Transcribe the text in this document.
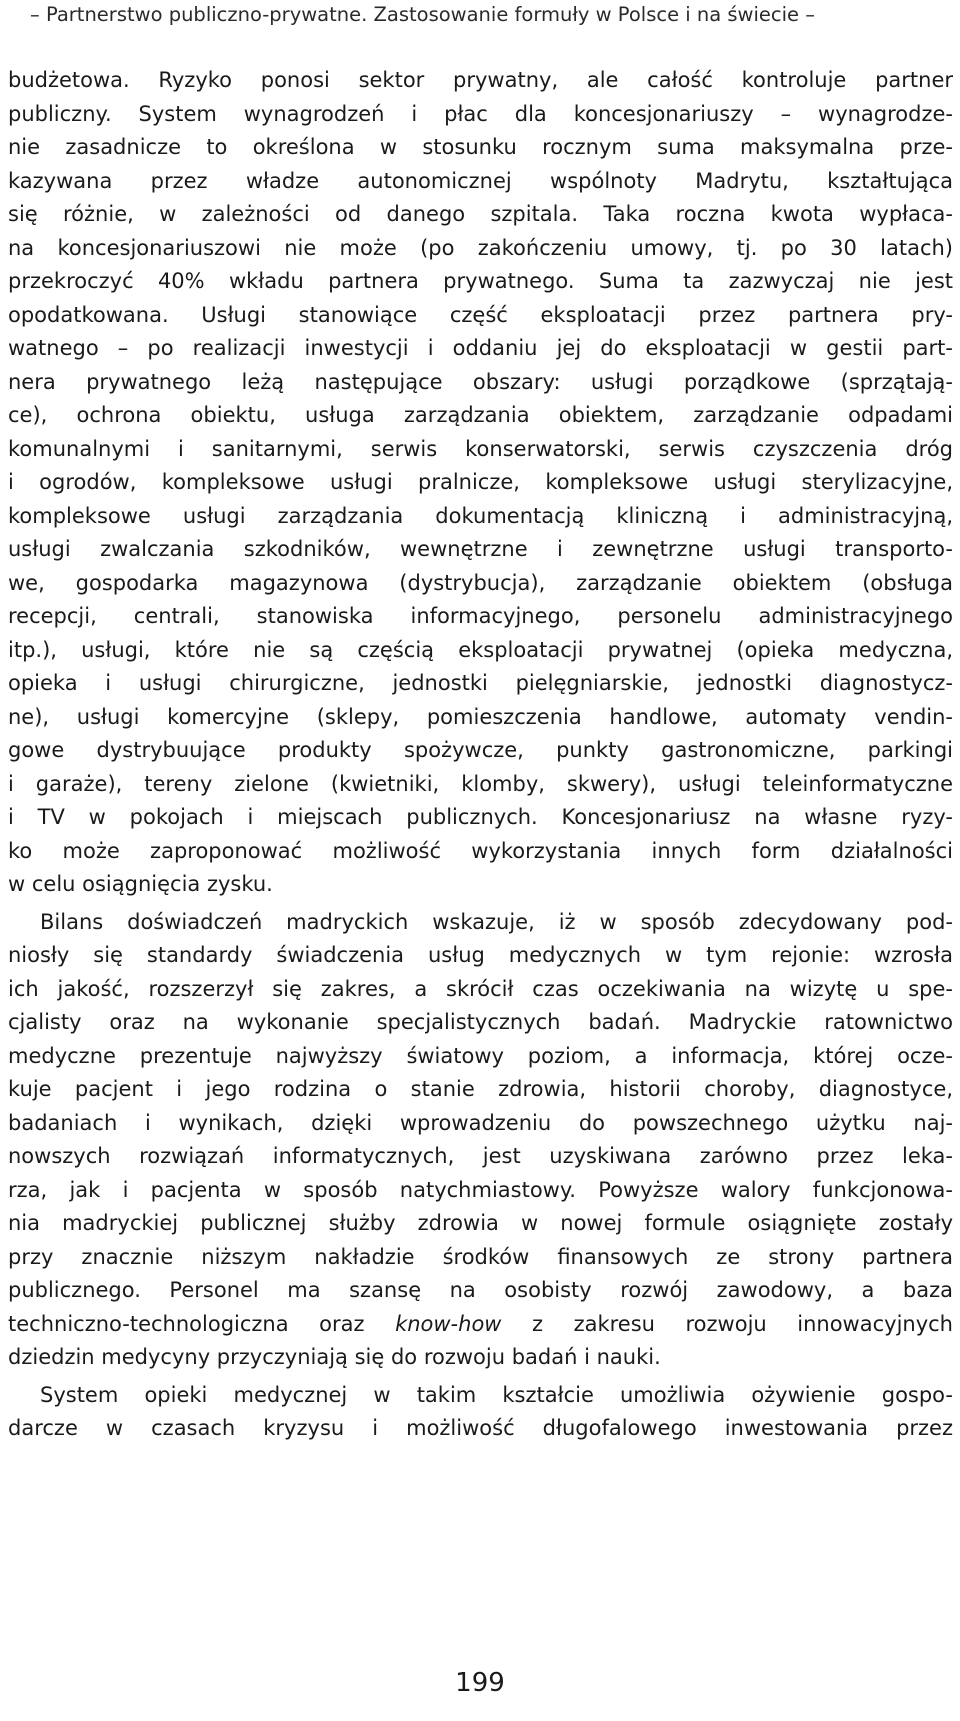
– Partnerstwo publiczno-prywatne. Zastosowanie formuły w Polsce i na świecie –
budżetowa. Ryzyko ponosi sektor prywatny, ale całość kontroluje partner
publiczny. System wynagrodzeń i płac dla koncesjonariuszy – wynagrodze-
nie zasadnicze to określona w stosunku rocznym suma maksymalna prze-
kazywana przez władze autonomicznej wspólnoty Madrytu, kształtująca
się różnie, w zależności od danego szpitala. Taka roczna kwota wypłaca-
na koncesjonariuszowi nie może (po zakończeniu umowy, tj. po 30 latach)
przekroczyć 40% wkładu partnera prywatnego. Suma ta zazwyczaj nie jest
opodatkowana. Usługi stanowiące część eksploatacji przez partnera pry-
watnego – po realizacji inwestycji i oddaniu jej do eksploatacji w gestii part-
nera prywatnego leżą następujące obszary: usługi porządkowe (sprzątają-
ce), ochrona obiektu, usługa zarządzania obiektem, zarządzanie odpadami
komunalnymi i sanitarnymi, serwis konserwatorski, serwis czyszczenia dróg
i ogrodów, kompleksowe usługi pralnicze, kompleksowe usługi sterylizacyjne,
kompleksowe usługi zarządzania dokumentacją kliniczną i administracyjną,
usługi zwalczania szkodników, wewnętrzne i zewnętrzne usługi transporto-
we, gospodarka magazynowa (dystrybucja), zarządzanie obiektem (obsługa
recepcji, centrali, stanowiska informacyjnego, personelu administracyjnego
itp.), usługi, które nie są częścią eksploatacji prywatnej (opieka medyczna,
opieka i usługi chirurgiczne, jednostki pielęgniarskie, jednostki diagnostycz-
ne), usługi komercyjne (sklepy, pomieszczenia handlowe, automaty vendin-
gowe dystrybuujące produkty spożywcze, punkty gastronomiczne, parkingi
i garaże), tereny zielone (kwietniki, klomby, skwery), usługi teleinformatyczne
i TV w pokojach i miejscach publicznych. Koncesjonariusz na własne ryzy-
ko może zaproponować możliwość wykorzystania innych form działalności
w celu osiągnięcia zysku.
Bilans doświadczeń madryckich wskazuje, iż w sposób zdecydowany pod-
niosły się standardy świadczenia usług medycznych w tym rejonie: wzrosła
ich jakość, rozszerzył się zakres, a skrócił czas oczekiwania na wizytę u spe-
cjalisty oraz na wykonanie specjalistycznych badań. Madryckie ratownictwo
medyczne prezentuje najwyższy światowy poziom, a informacja, której ocze-
kuje pacjent i jego rodzina o stanie zdrowia, historii choroby, diagnostyce,
badaniach i wynikach, dzięki wprowadzeniu do powszechnego użytku naj-
nowszych rozwiązań informatycznych, jest uzyskiwana zarówno przez leka-
rza, jak i pacjenta w sposób natychmiastowy. Powyższe walory funkcjonowa-
nia madryckiej publicznej służby zdrowia w nowej formule osiągnięte zostały
przy znacznie niższym nakładzie środków finansowych ze strony partnera
publicznego. Personel ma szansę na osobisty rozwój zawodowy, a baza
techniczno-technologiczna oraz know-how z zakresu rozwoju innowacyjnych
dziedzin medycyny przyczyniają się do rozwoju badań i nauki.
System opieki medycznej w takim kształcie umożliwia ożywienie gospo-
darcze w czasach kryzysu i możliwość długofalowego inwestowania przez
199
